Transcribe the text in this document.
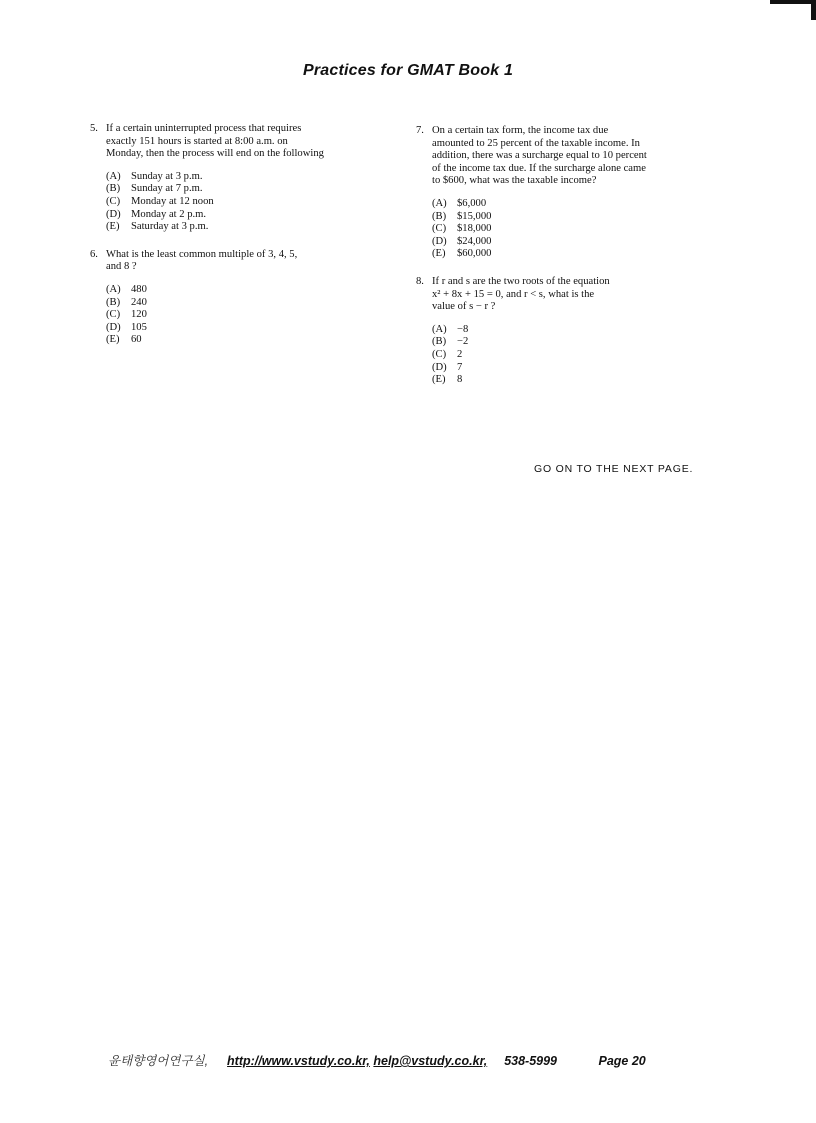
Practices for GMAT Book 1
5. If a certain uninterrupted process that requires
exactly 151 hours is started at 8:00 a.m. on
Monday, then the process will end on the following
(A) Sunday at 3 p.m.
(B)	Sunday at 7 p.m.
(C)	Monday at 12 noon
(D) Monday at 2 p.m.
(E)	Saturday at 3 p.m.
6. What is the least common multiple of 3, 4, 5,
and 8 ?
(A) 480
(B)	240
(C)	120
(D) 105
(E)	60
7. On a certain tax form, the income tax due
amounted to 25 percent of the taxable income. In
addition, there was a surcharge equal to 10 percent
of the income tax due. If the surcharge alone came
to $600, what was the taxable income?
(A) $6,000
(B)	$15,000
(C)	$18,000
(D) $24,000
(E)	$60,000
8. If r and s are the two roots of the equation
x² + 8x + 15 = 0, and r < s, what is the
value of s − r ?
(A) −8
(B)	−2
(C)	2
(D) 7
(E)	8
GO ON TO THE NEXT PAGE.
윤태향영어연구실, http://www.vstudy.co.kr, help@vstudy.co.kr, 538-5999	Page 20
